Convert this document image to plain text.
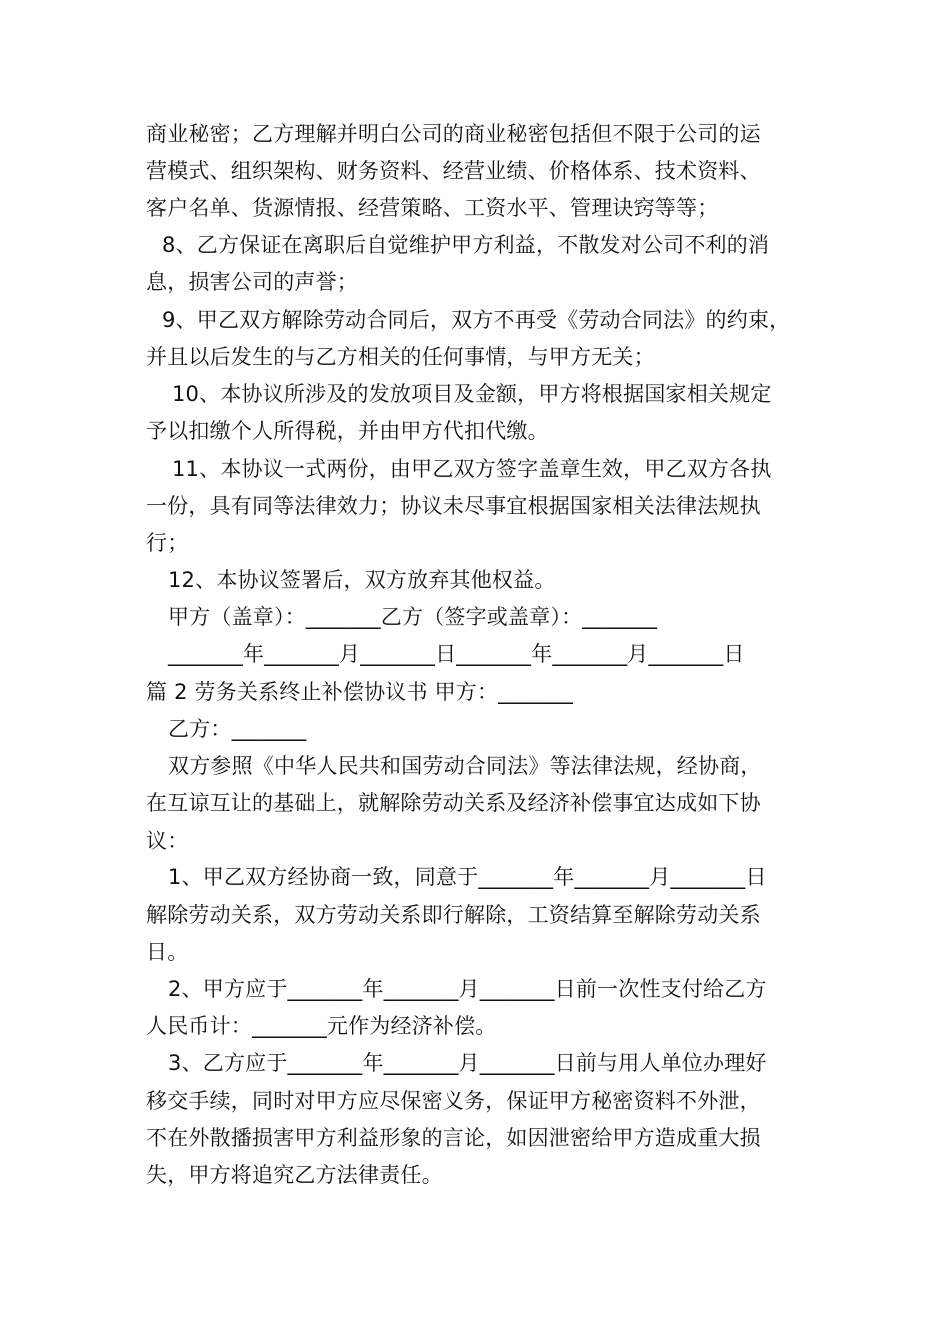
商业秘密；乙方理解并明白公司的商业秘密包括但不限于公司的运
营模式、组织架构、财务资料、经营业绩、价格体系、技术资料、
客户名单、货源情报、经营策略、工资水平、管理诀窍等等；
8、乙方保证在离职后自觉维护甲方利益，不散发对公司不利的消
息，损害公司的声誉；
9、甲乙双方解除劳动合同后，双方不再受《劳动合同法》的约束，
并且以后发生的与乙方相关的任何事情，与甲方无关；
10、本协议所涉及的发放项目及金额，甲方将根据国家相关规定
予以扣缴个人所得税，并由甲方代扣代缴。
11、本协议一式两份，由甲乙双方签字盖章生效，甲乙双方各执
一份，具有同等法律效力；协议未尽事宜根据国家相关法律法规执
行；
12、本协议签署后，双方放弃其他权益。
甲方（盖章）：_______乙方（签字或盖章）：_______
_______年_______月_______日_______年_______月_______日
篇 2 劳务关系终止补偿协议书 甲方：_______
乙方：_______
双方参照《中华人民共和国劳动合同法》等法律法规，经协商，
在互谅互让的基础上，就解除劳动关系及经济补偿事宜达成如下协
议：
1、甲乙双方经协商一致，同意于_______年_______月_______日
解除劳动关系，双方劳动关系即行解除，工资结算至解除劳动关系
日。
2、甲方应于_______年_______月_______日前一次性支付给乙方
人民币计：_______元作为经济补偿。
3、乙方应于_______年_______月_______日前与用人单位办理好
移交手续，同时对甲方应尽保密义务，保证甲方秘密资料不外泄，
不在外散播损害甲方利益形象的言论，如因泄密给甲方造成重大损
失，甲方将追究乙方法律责任。
